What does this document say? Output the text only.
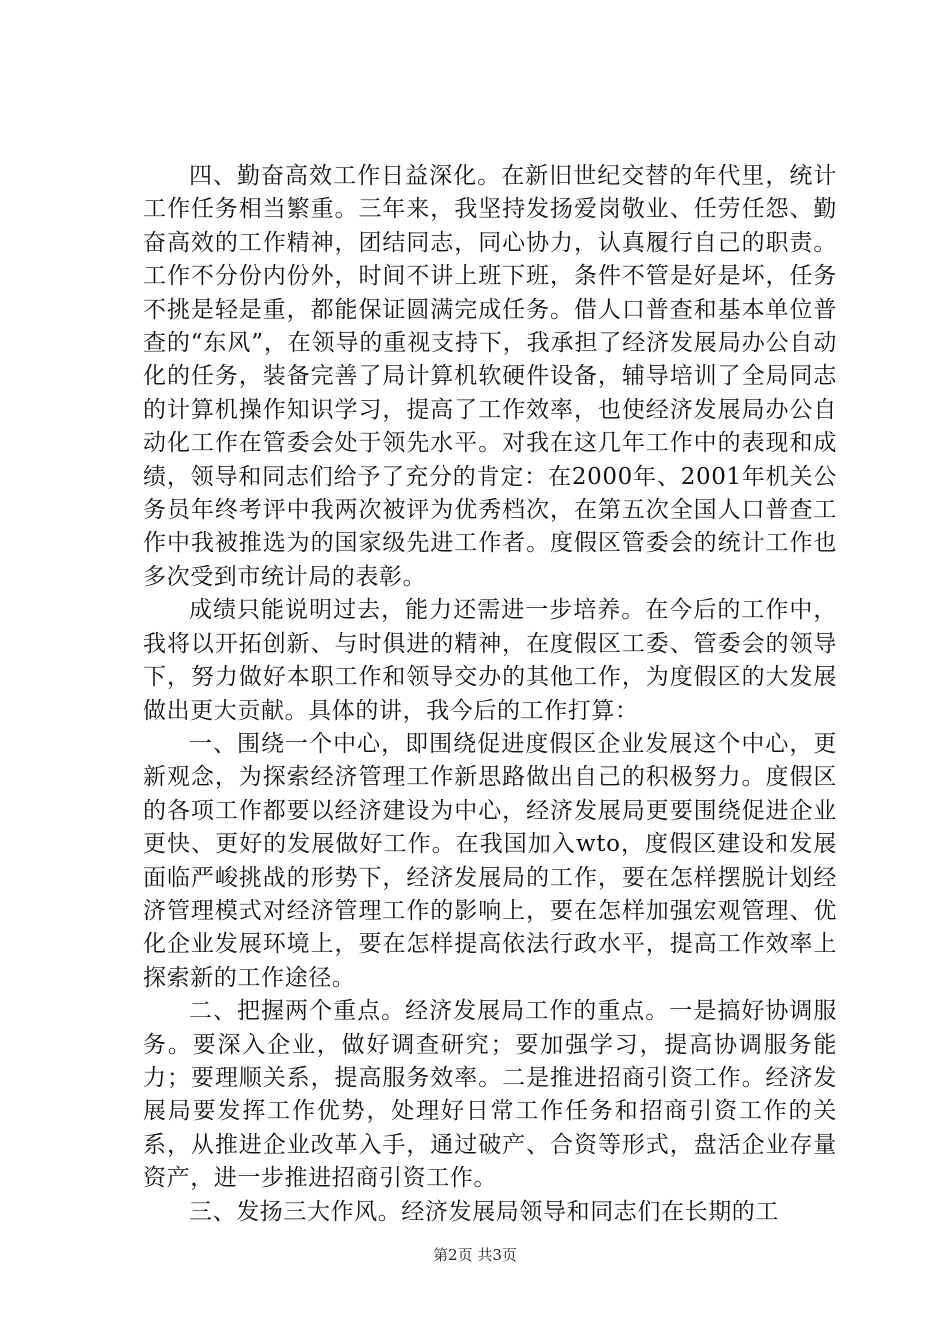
四、勤奋高效工作日益深化。在新旧世纪交替的年代里，统计工作任务相当繁重。三年来，我坚持发扬爱岗敬业、任劳任怨、勤奋高效的工作精神，团结同志，同心协力，认真履行自己的职责。工作不分份内份外，时间不讲上班下班，条件不管是好是坏，任务不挑是轻是重，都能保证圆满完成任务。借人口普查和基本单位普查的“东风”，在领导的重视支持下，我承担了经济发展局办公自动化的任务，装备完善了局计算机软硬件设备，辅导培训了全局同志的计算机操作知识学习，提高了工作效率，也使经济发展局办公自动化工作在管委会处于领先水平。对我在这几年工作中的表现和成绩，领导和同志们给予了充分的肯定：在2000年、2001年机关公务员年终考评中我两次被评为优秀档次，在第五次全国人口普查工作中我被推选为的国家级先进工作者。度假区管委会的统计工作也多次受到市统计局的表彰。

成绩只能说明过去，能力还需进一步培养。在今后的工作中，我将以开拓创新、与时俱进的精神，在度假区工委、管委会的领导下，努力做好本职工作和领导交办的其他工作，为度假区的大发展做出更大贡献。具体的讲，我今后的工作打算：

一、围绕一个中心，即围绕促进度假区企业发展这个中心，更新观念，为探索经济管理工作新思路做出自己的积极努力。度假区的各项工作都要以经济建设为中心，经济发展局更要围绕促进企业更快、更好的发展做好工作。在我国加入wto，度假区建设和发展面临严峻挑战的形势下，经济发展局的工作，要在怎样摆脱计划经济管理模式对经济管理工作的影响上，要在怎样加强宏观管理、优化企业发展环境上，要在怎样提高依法行政水平，提高工作效率上探索新的工作途径。

二、把握两个重点。经济发展局工作的重点。一是搞好协调服务。要深入企业，做好调查研究；要加强学习，提高协调服务能力；要理顺关系，提高服务效率。二是推进招商引资工作。经济发展局要发挥工作优势，处理好日常工作任务和招商引资工作的关系，从推进企业改革入手，通过破产、合资等形式，盘活企业存量资产，进一步推进招商引资工作。

三、发扬三大作风。经济发展局领导和同志们在长期的工

第2页 共3页
